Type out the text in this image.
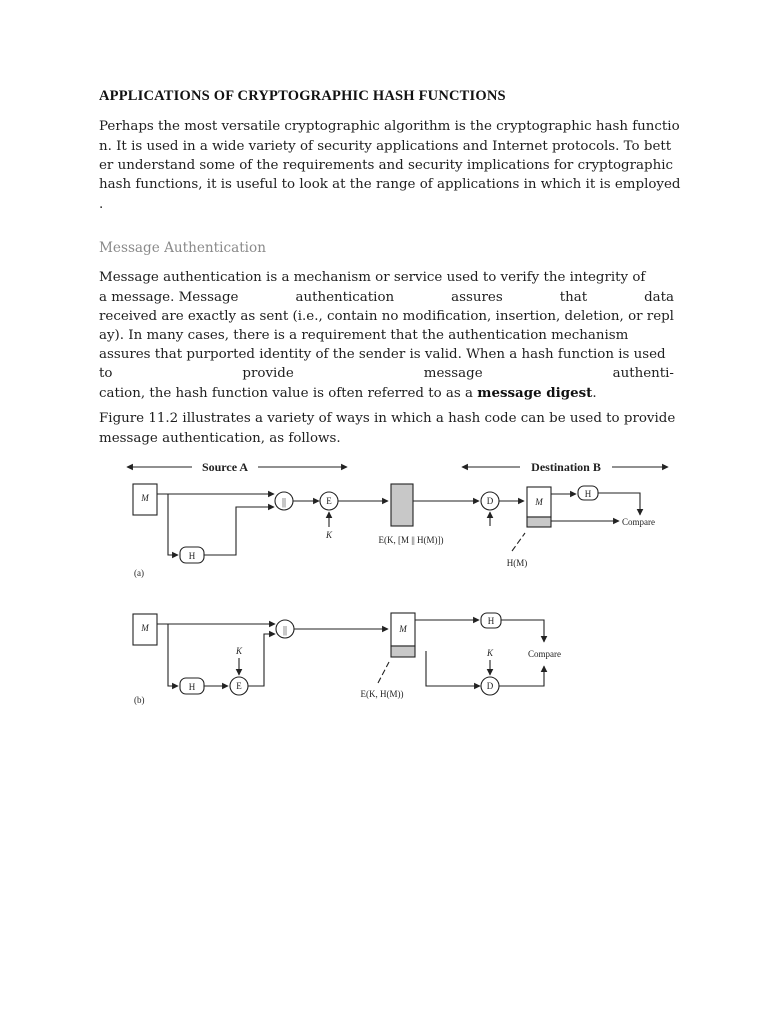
APPLICATIONS OF CRYPTOGRAPHIC HASH FUNCTIONS
Perhaps the most versatile cryptographic algorithm is the cryptographic hash functio
n. It is used in a wide variety of security applications and Internet protocols. To bett
er understand some of the requirements and security implications for cryptographic
hash functions, it is useful to look at the range of applications in which it is employed
.
Message Authentication
Message authentication is a mechanism or service used to verify the integrity of
a message. Message	authentication	assures	that	data
received are exactly as sent (i.e., contain no modification, insertion, deletion, or repl
ay). In many cases, there is a requirement that the authentication mechanism
assures that purported identity of the sender is valid. When a hash function is used
to	provide	message	authenti-
cation, the hash function value is often referred to as a message digest.
Figure 11.2 illustrates a variety of ways in which a hash code can be used to provide
message authentication, as follows.
Source A	Destination B
M
H
||	E
K	E(K, [M || H(M)])
D	M
H
Compare
H(M)
(a)
M
H	E
K
||	M
H
D
K	Compare
E(K, H(M))
(b)
